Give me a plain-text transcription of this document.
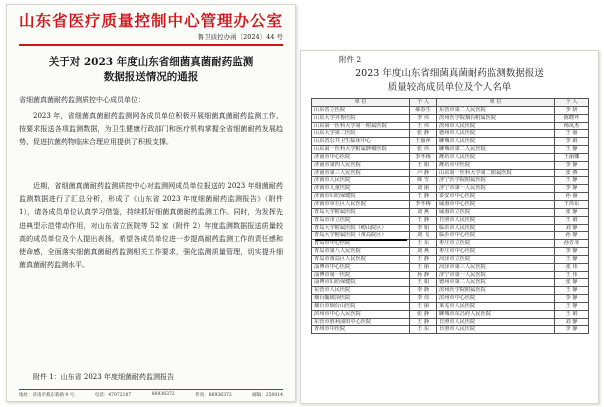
山东省医疗质量控制中心管理办公室
鲁卫质控办函〔2024〕44 号
关于对 2023 年度山东省细菌真菌耐药监测
数据报送情况的通报
省细菌真菌耐药监测质控中心成员单位：
2023 年，省细菌真菌耐药监测网各成员单位积极开展细菌真菌耐药监测工作，按要求报送各项监测数据，为卫生健康行政部门和医疗机构掌握全省细菌耐药发展趋势、促进抗菌药物临床合理应用提供了积极支撑。
近期，省细菌真菌耐药监测质控中心对监测网成员单位报送的 2023 年细菌耐药监测数据进行了汇总分析，形成了《山东省 2023 年度细菌耐药监测报告》（附件 1），请各成员单位认真学习借鉴，持续抓好细菌真菌耐药监测工作。同时，为发挥先进典型示范带动作用，对山东省立医院等 52 家（附件 2）年度监测数据报送质量较高的成员单位及个人提出表扬，希望各成员单位进一步提高耐药监测工作的责任感和使命感，全面落实细菌真菌耐药监测相关工作要求，强化监测质量管理，切实提升细菌真菌耐药监测水平。
附件 1：山东省 2023 年度细菌耐药监测报告
地址：济南市燕东新路 9 号	电话：47972107	86936372	传真：86936372	邮编：250014
附件 2
2023 年度山东省细菌真菌耐药监测数据报送
质量较高成员单位及个人名单
单 位	个 人	单 位	个 人
山东省立医院	郝春生	东营市第二人民医院	李 妍
山东大学齐鲁医院	李 伟	滨州医学院烟台附属医院	陈晓芹
山东第一医科大学第一附属医院	王 伟	滨州市人民医院	杨凤杰
山东大学第二医院	张 静	德州市人民医院	王 丽
山东省公共卫生临床中心	王丽萍	聊城市人民医院	李 娟
山东第一医科大学附属肿瘤医院	张 伟	聊城市第二人民医院	王 静
济南市中心医院	李冬梅	潍坊市人民医院	王丽娜
济南市第四人民医院	王 娟	潍坊市中医院	李 静
济南市第三人民医院	卢 静	山东第一医科大学第二附属医院	张 燕
济南市人民医院	韩 雪	济宁医学院附属医院	王 静
济南市儿童医院	刘 丽	济宁市第一人民医院	李 静
济南市妇幼保健院	王 静	泰安市中心医院	孙 丽
济南市章丘区人民医院	李冬梅	威海市中心医院	王伟东
青岛大学附属医院	刘 燕	威海市立医院	张 静
青岛市市立医院	王 静	日照市人民医院	王 娟
青岛大学附属医院（崂山院区）	李 娟	临沂市人民医院	刘 静
青岛大学附属医院（黄岛院区）	刘 飞	临沂市中心医院	孙 静
青岛市中心医院	王 东	枣庄市立医院	孙芳菲
青岛市第八人民医院	刘 燕	枣庄市中心医院	李 静
青岛市黄岛区人民医院	王 静	菏泽市立医院	王 静
淄博市中心医院	王 丽	菏泽市第三人民医院	张 伟
淄博市第一医院	孙 静	济宁市第一人民医院	王 伟
淄博市妇幼保健院	王 娟	德州市第二人民医院	张 静
东营市人民医院	李 静	滨州医学院附属医院	王 静
烟台毓璜顶医院	李 伟	滨州市中心医院	李 静
烟台市烟台山医院	王 丽	莱芜市人民医院	王 静
滨州市中心人民医院	张 静	聊城市东昌府人民医院	王 娟
东营市胜利油田中心医院	王 静	日照市人民医院	刘 静
青州市中医院	王 东	日照市人民医院	李 静
